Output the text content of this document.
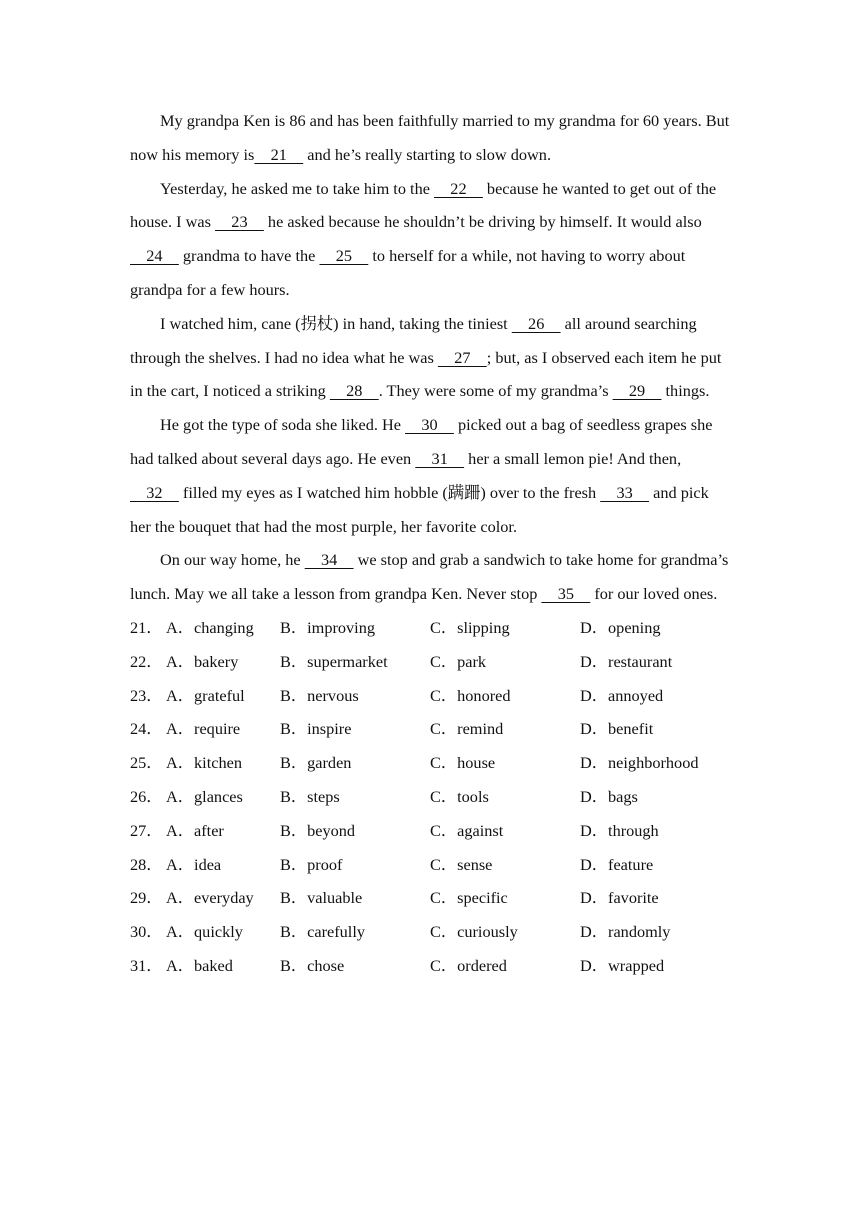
My grandpa Ken is 86 and has been faithfully married to my grandma for 60 years. But now his memory is    21     and he’s really starting to slow down.

Yesterday, he asked me to take him to the     22     because he wanted to get out of the house. I was     23     he asked because he shouldn’t be driving by himself. It would also     24     grandma to have the     25     to herself for a while, not having to worry about grandpa for a few hours.

I watched him, cane (拐杖) in hand, taking the tiniest     26     all around searching through the shelves. I had no idea what he was     27    ; but, as I observed each item he put in the cart, I noticed a striking     28    . They were some of my grandma’s     29     things.

He got the type of soda she liked. He     30     picked out a bag of seedless grapes she had talked about several days ago. He even     31     her a small lemon pie! And then,     32     filled my eyes as I watched him hobble (蹒跚) over to the fresh     33     and pick her the bouquet that had the most purple, her favorite color.

On our way home, he     34     we stop and grab a sandwich to take home for grandma’s lunch. May we all take a lesson from grandpa Ken. Never stop     35     for our loved ones.

21． A．changing	B．improving	C．slipping	D．opening
22． A．bakery	B．supermarket	C．park	D．restaurant
23． A．grateful	B．nervous	C．honored	D．annoyed
24． A．require	B．inspire	C．remind	D．benefit
25． A．kitchen	B．garden	C．house	D．neighborhood
26． A．glances	B．steps	C．tools	D．bags
27． A．after	B．beyond	C．against	D．through
28． A．idea	B．proof	C．sense	D．feature
29． A．everyday	B．valuable	C．specific	D．favorite
30． A．quickly	B．carefully	C．curiously	D．randomly
31． A．baked	B．chose	C．ordered	D．wrapped
